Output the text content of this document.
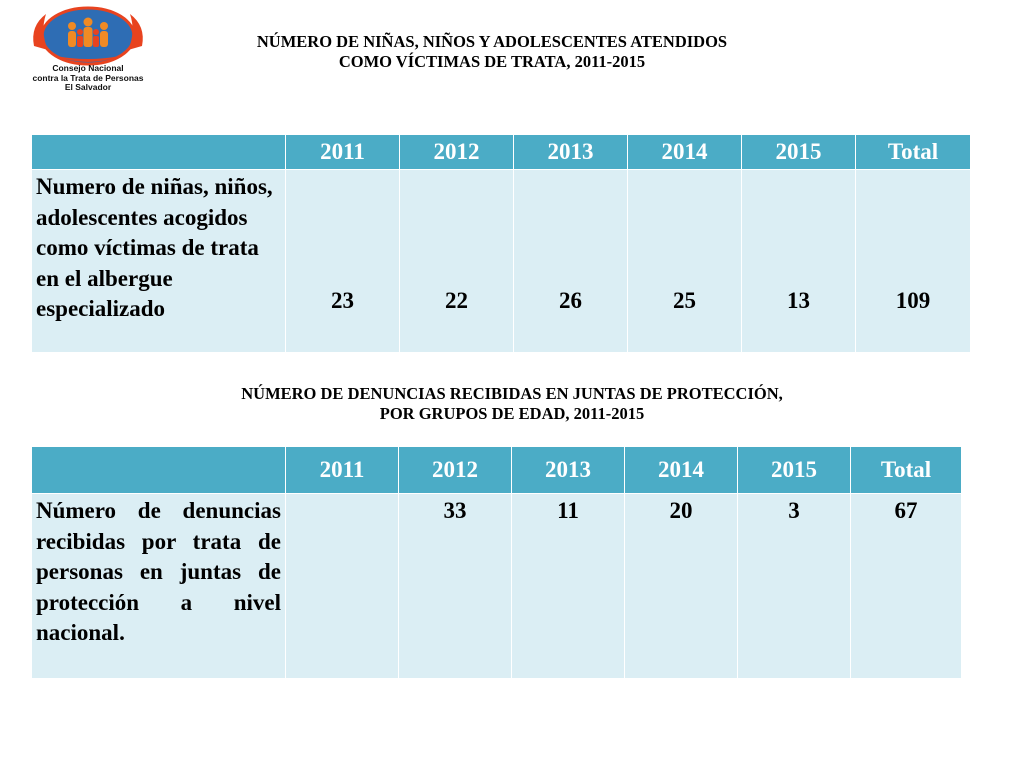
Consejo Nacional
contra la Trata de Personas
El Salvador
NÚMERO DE NIÑAS, NIÑOS Y ADOLESCENTES ATENDIDOS
COMO VÍCTIMAS DE TRATA, 2011-2015
	2011	2012	2013	2014	2015	Total
Numero de niñas, niños, adolescentes acogidos como víctimas de trata en el albergue especializado	23	22	26	25	13	109
NÚMERO DE DENUNCIAS RECIBIDAS EN JUNTAS DE PROTECCIÓN,
POR GRUPOS DE EDAD, 2011-2015
	2011	2012	2013	2014	2015	Total
Número de denuncias recibidas por trata de personas en juntas de protección a nivel nacional.		33	11	20	3	67
